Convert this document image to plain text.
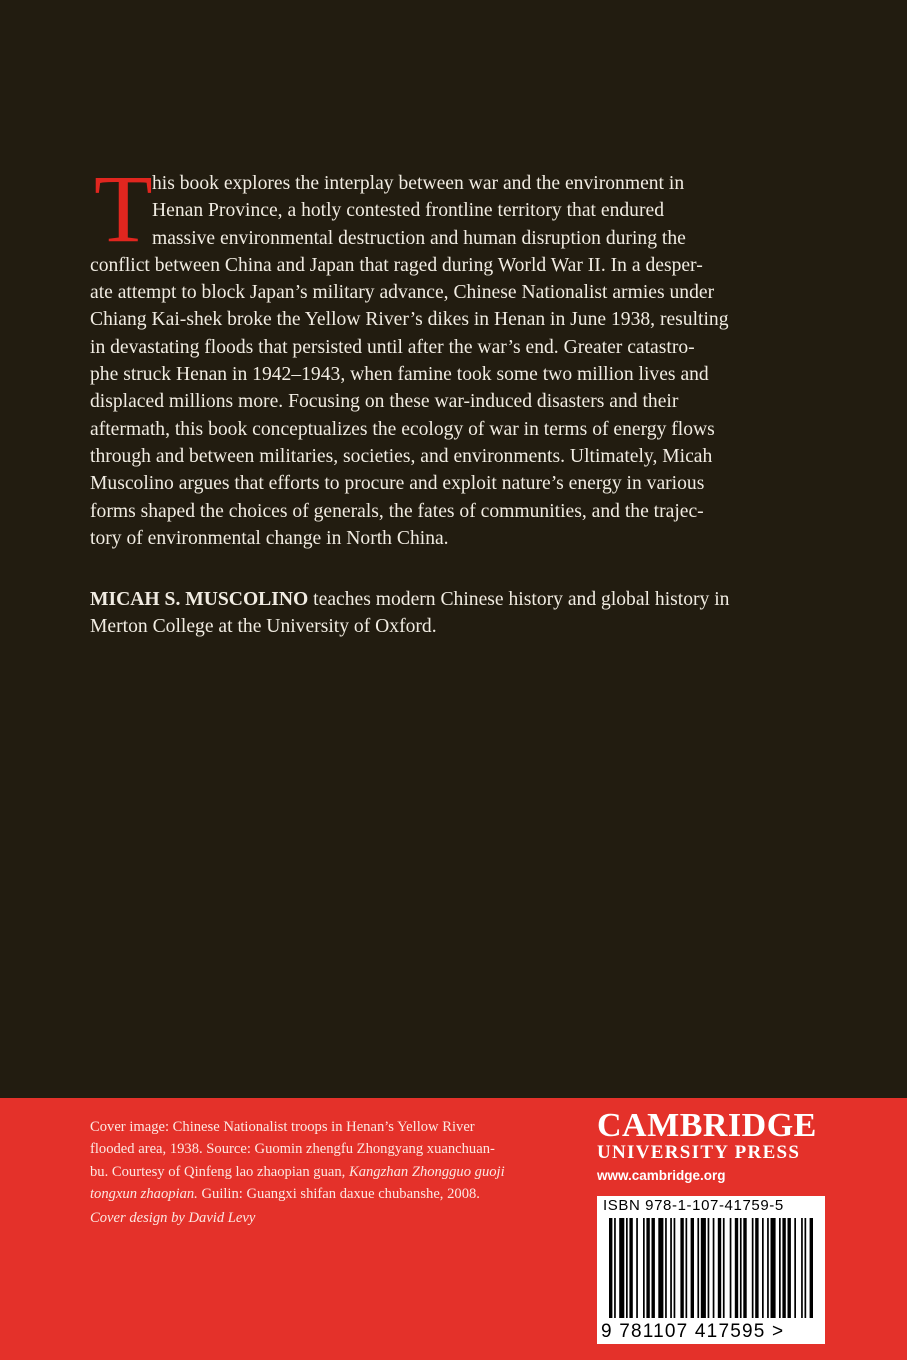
T his book explores the interplay between war and the environment in
Henan Province, a hotly contested frontline territory that endured
massive environmental destruction and human disruption during the
conflict between China and Japan that raged during World War II. In a desper-
ate attempt to block Japan’s military advance, Chinese Nationalist armies under
Chiang Kai-shek broke the Yellow River’s dikes in Henan in June 1938, resulting
in devastating floods that persisted until after the war’s end. Greater catastro-
phe struck Henan in 1942–1943, when famine took some two million lives and
displaced millions more. Focusing on these war-induced disasters and their
aftermath, this book conceptualizes the ecology of war in terms of energy flows
through and between militaries, societies, and environments. Ultimately, Micah
Muscolino argues that efforts to procure and exploit nature’s energy in various
forms shaped the choices of generals, the fates of communities, and the trajec-
tory of environmental change in North China.

MICAH S. MUSCOLINO teaches modern Chinese history and global history in
Merton College at the University of Oxford.

Cover image: Chinese Nationalist troops in Henan’s Yellow River
flooded area, 1938. Source: Guomin zhengfu Zhongyang xuanchuan-
bu. Courtesy of Qinfeng lao zhaopian guan, Kangzhan Zhongguo guoji
tongxun zhaopian. Guilin: Guangxi shifan daxue chubanshe, 2008.

Cover design by David Levy

CAMBRIDGE
UNIVERSITY PRESS
www.cambridge.org
ISBN 978-1-107-41759-5
9 781107 417595 >
